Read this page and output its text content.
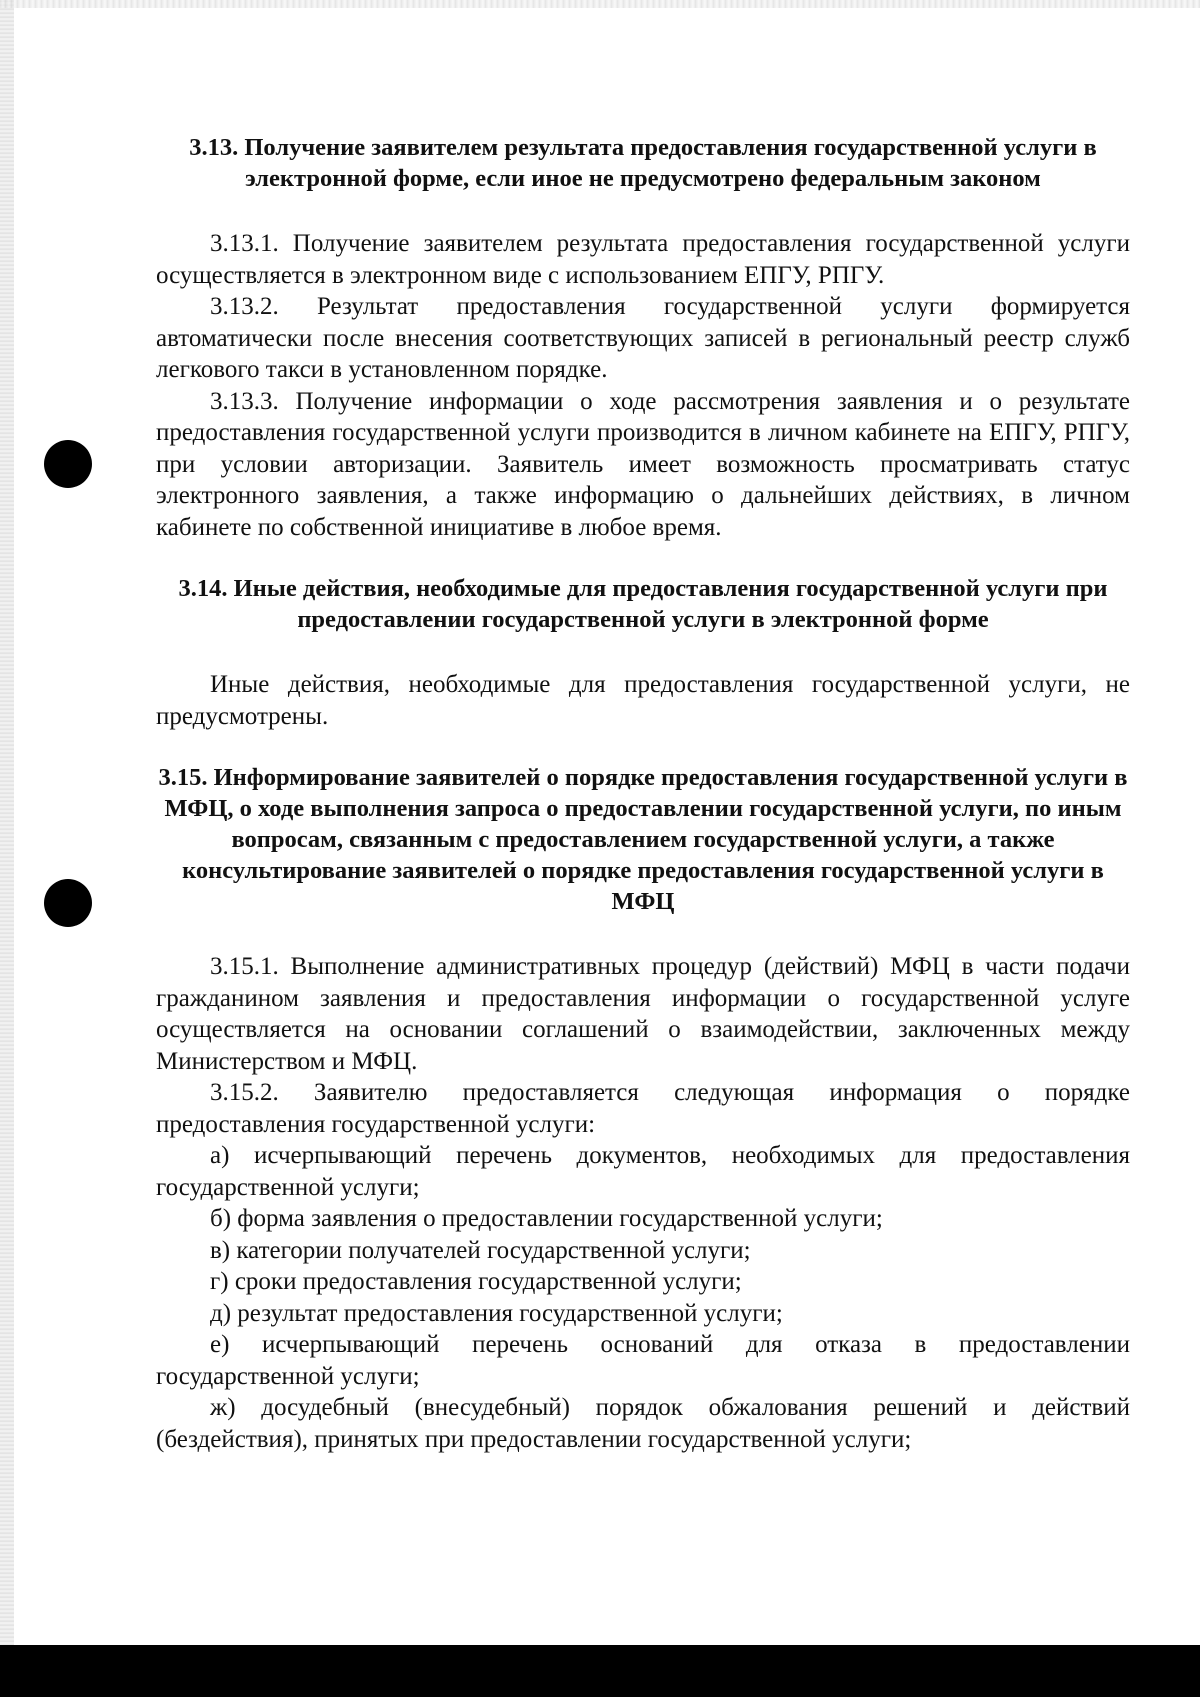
3.13. Получение заявителем результата предоставления государственной услуги в электронной форме, если иное не предусмотрено федеральным законом

3.13.1. Получение заявителем результата предоставления государственной услуги осуществляется в электронном виде с использованием ЕПГУ, РПГУ.

3.13.2. Результат предоставления государственной услуги формируется автоматически после внесения соответствующих записей в региональный реестр служб легкового такси в установленном порядке.

3.13.3. Получение информации о ходе рассмотрения заявления и о результате предоставления государственной услуги производится в личном кабинете на ЕПГУ, РПГУ, при условии авторизации. Заявитель имеет возможность просматривать статус электронного заявления, а также информацию о дальнейших действиях, в личном кабинете по собственной инициативе в любое время.

3.14. Иные действия, необходимые для предоставления государственной услуги при предоставлении государственной услуги в электронной форме

Иные действия, необходимые для предоставления государственной услуги, не предусмотрены.

3.15. Информирование заявителей о порядке предоставления государственной услуги в МФЦ, о ходе выполнения запроса о предоставлении государственной услуги, по иным вопросам, связанным с предоставлением государственной услуги, а также консультирование заявителей о порядке предоставления государственной услуги в МФЦ

3.15.1. Выполнение административных процедур (действий) МФЦ в части подачи гражданином заявления и предоставления информации о государственной услуге осуществляется на основании соглашений о взаимодействии, заключенных между Министерством и МФЦ.

3.15.2. Заявителю предоставляется следующая информация о порядке предоставления государственной услуги:

а) исчерпывающий перечень документов, необходимых для предоставления государственной услуги;

б) форма заявления о предоставлении государственной услуги;

в) категории получателей государственной услуги;

г) сроки предоставления государственной услуги;

д) результат предоставления государственной услуги;

е) исчерпывающий перечень оснований для отказа в предоставлении государственной услуги;

ж) досудебный (внесудебный) порядок обжалования решений и действий (бездействия), принятых при предоставлении государственной услуги;
